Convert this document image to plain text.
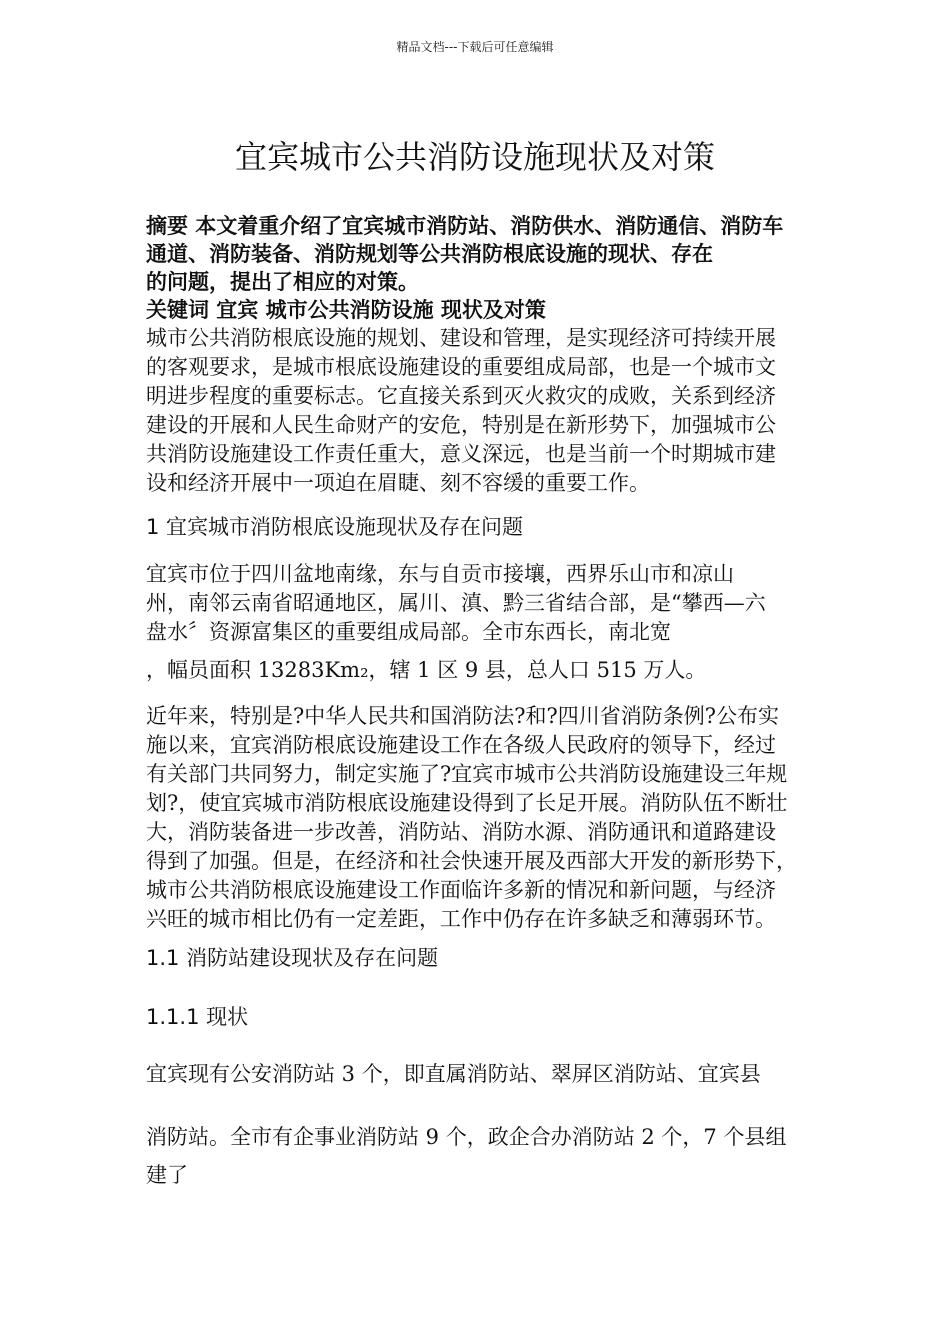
精品文档---下载后可任意编辑
宜宾城市公共消防设施现状及对策
摘要 本文着重介绍了宜宾城市消防站、消防供水、消防通信、消防车
通道、消防装备、消防规划等公共消防根底设施的现状、存在
的问题，提出了相应的对策。
关键词 宜宾 城市公共消防设施 现状及对策
城市公共消防根底设施的规划、建设和管理，是实现经济可持续开展
的客观要求，是城市根底设施建设的重要组成局部，也是一个城市文
明进步程度的重要标志。它直接关系到灭火救灾的成败，关系到经济
建设的开展和人民生命财产的安危，特别是在新形势下，加强城市公
共消防设施建设工作责任重大，意义深远，也是当前一个时期城市建
设和经济开展中一项迫在眉睫、刻不容缓的重要工作。
1 宜宾城市消防根底设施现状及存在问题
宜宾市位于四川盆地南缘，东与自贡市接壤，西界乐山市和凉山
州，南邻云南省昭通地区，属川、滇、黔三省结合部，是“攀西—六
盘水〞资源富集区的重要组成局部。全市东西长，南北宽
，幅员面积 13283Km₂，辖 1 区 9 县，总人口 515 万人。
近年来，特别是?中华人民共和国消防法?和?四川省消防条例?公布实
施以来，宜宾消防根底设施建设工作在各级人民政府的领导下，经过
有关部门共同努力，制定实施了?宜宾市城市公共消防设施建设三年规
划?，使宜宾城市消防根底设施建设得到了长足开展。消防队伍不断壮
大，消防装备进一步改善，消防站、消防水源、消防通讯和道路建设
得到了加强。但是，在经济和社会快速开展及西部大开发的新形势下，
城市公共消防根底设施建设工作面临许多新的情况和新问题，与经济
兴旺的城市相比仍有一定差距，工作中仍存在许多缺乏和薄弱环节。
1.1 消防站建设现状及存在问题
1.1.1 现状
宜宾现有公安消防站 3 个，即直属消防站、翠屏区消防站、宜宾县
消防站。全市有企事业消防站 9 个，政企合办消防站 2 个，7 个县组
建了
